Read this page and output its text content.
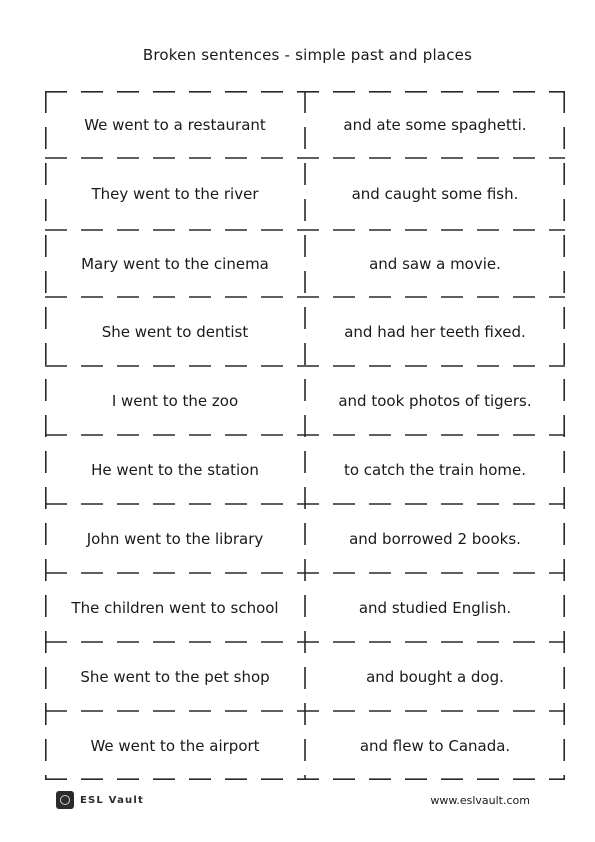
Broken sentences - simple past and places
We went to a restaurant	and ate some spaghetti.
They went to the river	and caught some fish.
Mary went to the cinema	and saw a movie.
She went to dentist	and had her teeth fixed.
I went to the zoo	and took photos of tigers.
He went to the station	to catch the train home.
John went to the library	and borrowed 2 books.
The children went to school	and studied English.
She went to the pet shop	and bought a dog.
We went to the airport	and flew to Canada.
ESL Vault	www.eslvault.com
